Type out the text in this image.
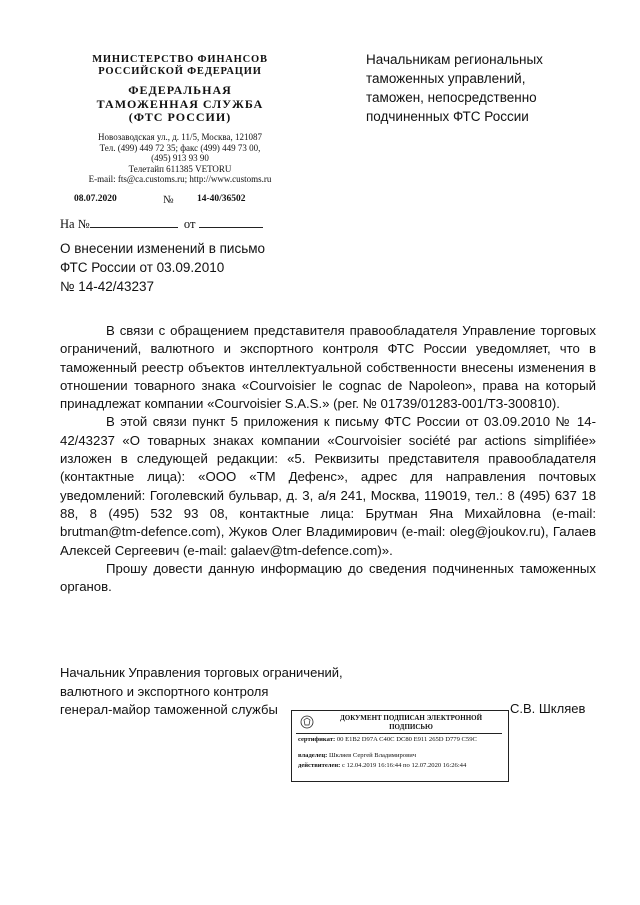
МИНИСТЕРСТВО ФИНАНСОВ
РОССИЙСКОЙ ФЕДЕРАЦИИ
ФЕДЕРАЛЬНАЯ
ТАМОЖЕННАЯ СЛУЖБА
(ФТС РОССИИ)
Новозаводская ул., д. 11/5, Москва, 121087
Тел. (499) 449 72 35; факс (499) 449 73 00,
(495) 913 93 90
Телетайп 611385 VETORU
E-mail: fts@ca.customs.ru; http://www.customs.ru
08.07.2020	№ 14-40/36502
На №	от
Начальникам региональных
таможенных управлений,
таможен, непосредственно
подчиненных ФТС России
О внесении изменений в письмо
ФТС России от 03.09.2010
№ 14-42/43237

В связи с обращением представителя правообладателя Управление торговых ограничений, валютного и экспортного контроля ФТС России уведомляет, что в таможенный реестр объектов интеллектуальной собственности внесены изменения в отношении товарного знака «Courvoisier le cognac de Napoleon», права на который принадлежат компании «Courvoisier S.A.S.» (рег. № 01739/01283-001/ТЗ-300810).

В этой связи пункт 5 приложения к письму ФТС России от 03.09.2010 № 14-42/43237 «О товарных знаках компании «Courvoisier société par actions simplifiée» изложен в следующей редакции: «5. Реквизиты представителя правообладателя (контактные лица): «ООО «ТМ Дефенс», адрес для направления почтовых уведомлений: Гоголевский бульвар, д. 3, а/я 241, Москва, 119019, тел.: 8 (495) 637 18 88, 8 (495) 532 93 08, контактные лица: Брутман Яна Михайловна (e-mail: brutman@tm-defence.com), Жуков Олег Владимирович (e-mail: oleg@joukov.ru), Галаев Алексей Сергеевич (e-mail: galaev@tm-defence.com)».

Прошу довести данную информацию до сведения подчиненных таможенных органов.

Начальник Управления торговых ограничений,
валютного и экспортного контроля
генерал-майор таможенной службы	С.В. Шкляев
ДОКУМЕНТ ПОДПИСАН ЭЛЕКТРОННОЙ
ПОДПИСЬЮ
сертификат: 00 E1B2 D97A C40C DC80 E911 265D D779 C59C
владелец: Шкляев Сергей Владимирович
действителен: с 12.04.2019 16:16:44 по 12.07.2020 16:26:44
